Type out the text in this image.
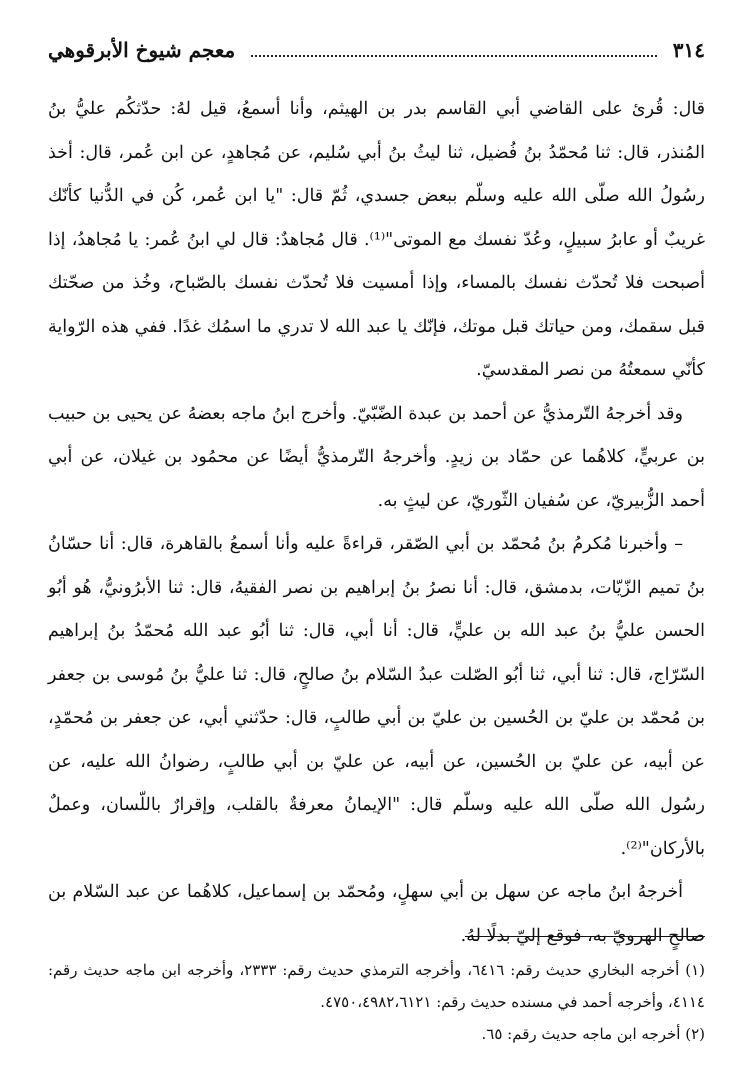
٣١٤
معجم شيوخ الأبرقوهي

قال: قُرئ على القاضي أبي القاسم بدر بن الهيثم، وأنا أسمعُ، قيل لهُ: حدّثكُم عليُّ بنُ المُنذر، قال: ثنا مُحمّدُ بنُ فُضيل، ثنا ليثُ بنُ أبي سُليم، عن مُجاهدٍ، عن ابن عُمر، قال: أخذ رسُولُ الله صلّى الله عليه وسلّم ببعض جسدي، ثُمّ قال: "يا ابن عُمر، كُن في الدُّنيا كأنّك غريبٌ أو عابرُ سبيلٍ، وعُدّ نفسك مع الموتى"⁽¹⁾. قال مُجاهدٌ: قال لي ابنُ عُمر: يا مُجاهدُ، إذا أصبحت فلا تُحدّث نفسك بالمساء، وإذا أمسيت فلا تُحدّث نفسك بالصّباح، وخُذ من صحّتك قبل سقمك، ومن حياتك قبل موتك، فإنّك يا عبد الله لا تدري ما اسمُك غدًا. ففي هذه الرّواية كأنّي سمعتُهُ من نصر المقدسيّ.

وقد أخرجهُ التّرمذيُّ عن أحمد بن عبدة الضّبّيّ. وأخرج ابنُ ماجه بعضهُ عن يحيى بن حبيب بن عربيٍّ، كلاهُما عن حمّاد بن زيدٍ. وأخرجهُ التّرمذيُّ أيضًا عن محمُود بن غيلان، عن أبي أحمد الزُّبيريّ، عن سُفيان الثّوريّ، عن ليثٍ به.

– وأخبرنا مُكرمُ بنُ مُحمّد بن أبي الصّقر، قراءةً عليه وأنا أسمعُ بالقاهرة، قال: أنا حسّانُ بنُ تميم الزّيّات، بدمشق، قال: أنا نصرُ بنُ إبراهيم بن نصر الفقيهُ، قال: ثنا الأبرُونيُّ، هُو أبُو الحسن عليُّ بنُ عبد الله بن عليٍّ، قال: أنا أبي، قال: ثنا أبُو عبد الله مُحمّدُ بنُ إبراهيم السّرّاج، قال: ثنا أبي، ثنا أبُو الصّلت عبدُ السّلام بنُ صالحٍ، قال: ثنا عليُّ بنُ مُوسى بن جعفر بن مُحمّد بن عليّ بن الحُسين بن عليّ بن أبي طالبٍ، قال: حدّثني أبي، عن جعفر بن مُحمّدٍ، عن أبيه، عن عليّ بن الحُسين، عن أبيه، عن عليّ بن أبي طالبٍ، رضوانُ الله عليه، عن رسُول الله صلّى الله عليه وسلّم قال: "الإيمانُ معرفةٌ بالقلب، وإقرارٌ باللّسان، وعملٌ بالأركان"⁽²⁾.

أخرجهُ ابنُ ماجه عن سهل بن أبي سهلٍ، ومُحمّد بن إسماعيل، كلاهُما عن عبد السّلام بن صالحٍ الهرويّ به، فوقع إليّ بدلًا لهُ.

(١) أخرجه البخاري حديث رقم: ٦٤١٦، وأخرجه الترمذي حديث رقم: ٢٣٣٣، وأخرجه ابن ماجه حديث رقم: ٤١١٤، وأخرجه أحمد في مسنده حديث رقم: ٤٧٥٠،٤٩٨٢،٦١٢١.

(٢) أخرجه ابن ماجه حديث رقم: ٦٥.
